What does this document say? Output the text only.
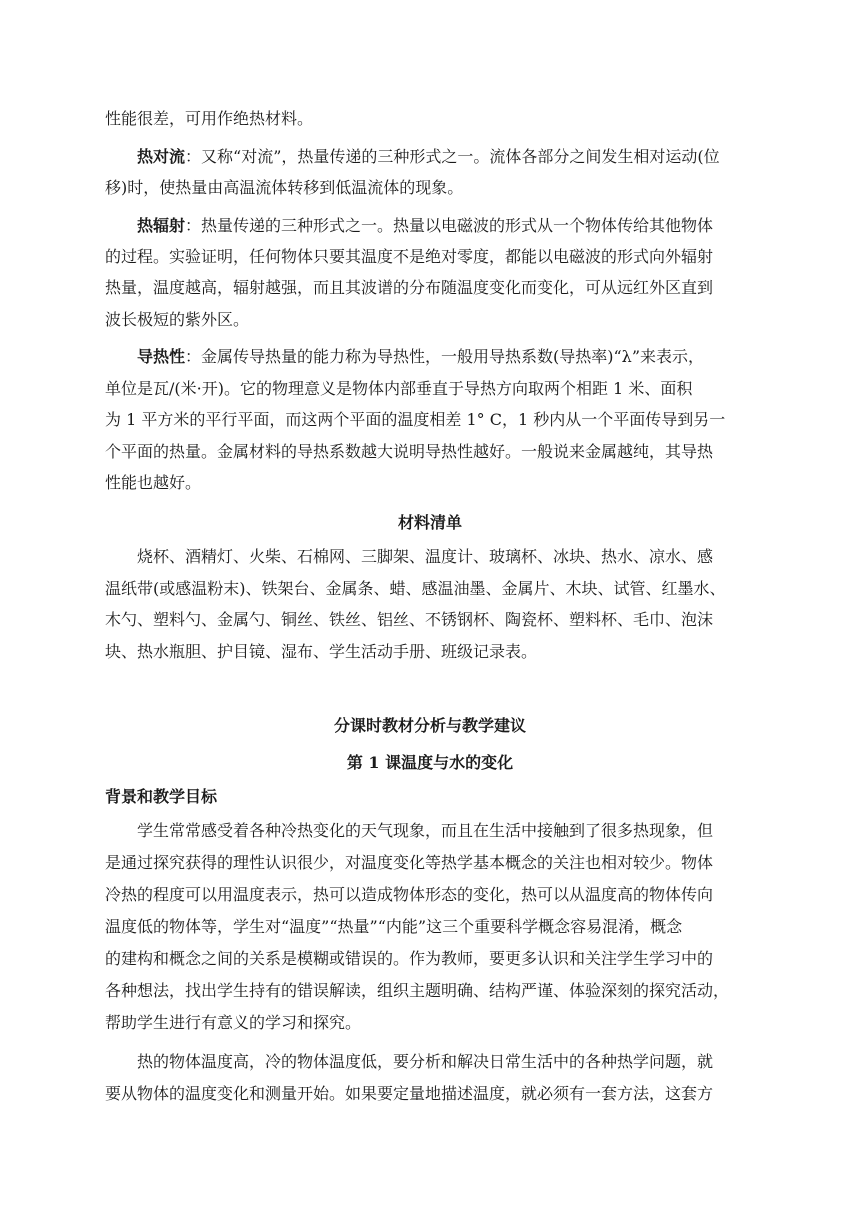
性能很差，可用作绝热材料。
热对流：又称“对流”，热量传递的三种形式之一。流体各部分之间发生相对运动(位
移)时，使热量由高温流体转移到低温流体的现象。
热辐射：热量传递的三种形式之一。热量以电磁波的形式从一个物体传给其他物体
的过程。实验证明，任何物体只要其温度不是绝对零度，都能以电磁波的形式向外辐射
热量，温度越高，辐射越强，而且其波谱的分布随温度变化而变化，可从远红外区直到
波长极短的紫外区。
导热性：金属传导热量的能力称为导热性，一般用导热系数(导热率)“λ”来表示，
单位是瓦/(米·开)。它的物理意义是物体内部垂直于导热方向取两个相距 1 米、面积
为 1 平方米的平行平面，而这两个平面的温度相差 1° C，1 秒内从一个平面传导到另一
个平面的热量。金属材料的导热系数越大说明导热性越好。一般说来金属越纯，其导热
性能也越好。
材料清单
烧杯、酒精灯、火柴、石棉网、三脚架、温度计、玻璃杯、冰块、热水、凉水、感
温纸带(或感温粉末)、铁架台、金属条、蜡、感温油墨、金属片、木块、试管、红墨水、
木勺、塑料勺、金属勺、铜丝、铁丝、铝丝、不锈钢杯、陶瓷杯、塑料杯、毛巾、泡沫
块、热水瓶胆、护目镜、湿布、学生活动手册、班级记录表。
分课时教材分析与教学建议
第 1 课温度与水的变化
背景和教学目标
学生常常感受着各种冷热变化的天气现象，而且在生活中接触到了很多热现象，但
是通过探究获得的理性认识很少，对温度变化等热学基本概念的关注也相对较少。物体
冷热的程度可以用温度表示，热可以造成物体形态的变化，热可以从温度高的物体传向
温度低的物体等，学生对“温度”“热量”“内能”这三个重要科学概念容易混淆，概念
的建构和概念之间的关系是模糊或错误的。作为教师，要更多认识和关注学生学习中的
各种想法，找出学生持有的错误解读，组织主题明确、结构严谨、体验深刻的探究活动，
帮助学生进行有意义的学习和探究。
热的物体温度高，冷的物体温度低，要分析和解决日常生活中的各种热学问题，就
要从物体的温度变化和测量开始。如果要定量地描述温度，就必须有一套方法，这套方
